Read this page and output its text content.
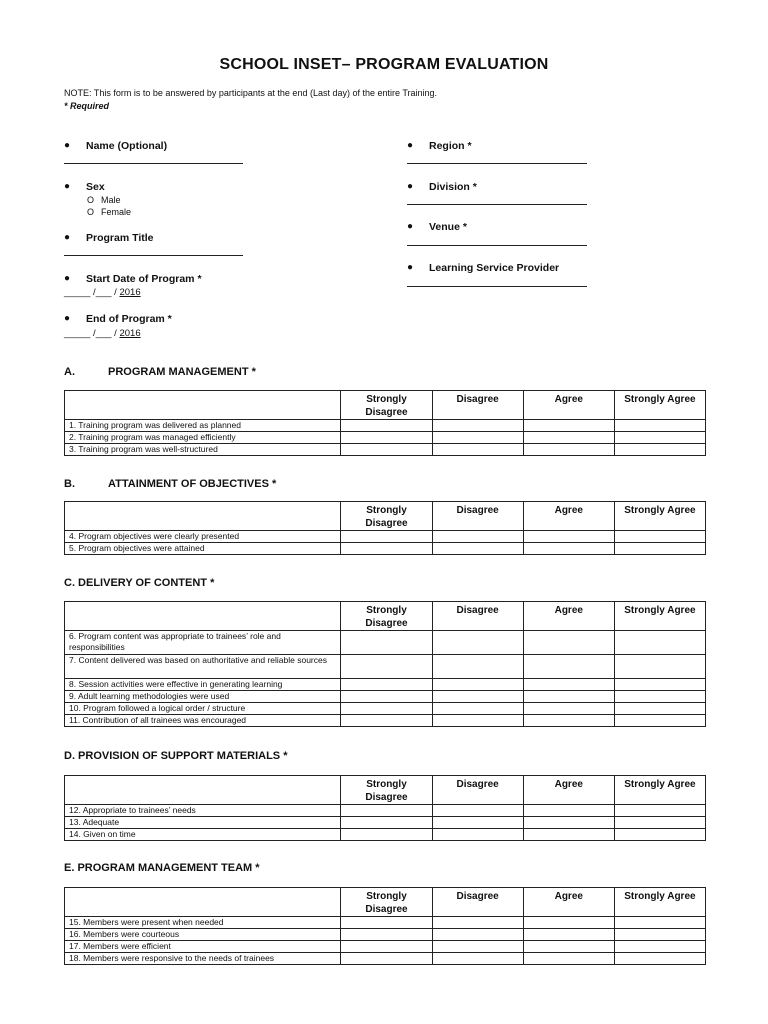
SCHOOL INSET– PROGRAM EVALUATION
NOTE: This form is to be answered by participants at the end (Last day) of the entire Training.
* Required
● Name (Optional)
● Sex
O Male
O Female
● Program Title
● Start Date of Program *
_____ /___ / 2016
● End of Program *
_____ /___ / 2016
● Region *
● Division *
● Venue *
● Learning Service Provider
A.	PROGRAM MANAGEMENT *
	Strongly
Disagree	Disagree	Agree	Strongly Agree
1. Training program was delivered as planned				
2. Training program was managed efficiently				
3. Training program was well-structured				
B.	ATTAINMENT OF OBJECTIVES *
	Strongly
Disagree	Disagree	Agree	Strongly Agree
4. Program objectives were clearly presented				
5. Program objectives were attained				
C. DELIVERY OF CONTENT *
	Strongly
Disagree	Disagree	Agree	Strongly Agree
6. Program content was appropriate to trainees’ role and responsibilities				
7. Content delivered was based on authoritative and reliable sources				
8. Session activities were effective in generating learning				
9. Adult learning methodologies were used				
10. Program followed a logical order / structure				
11. Contribution of all trainees was encouraged				
D. PROVISION OF SUPPORT MATERIALS *
	Strongly
Disagree	Disagree	Agree	Strongly Agree
12. Appropriate to trainees’ needs				
13. Adequate				
14. Given on time				
E. PROGRAM MANAGEMENT TEAM *
	Strongly
Disagree	Disagree	Agree	Strongly Agree
15. Members were present when needed				
16. Members were courteous				
17. Members were efficient				
18. Members were responsive to the needs of trainees				
